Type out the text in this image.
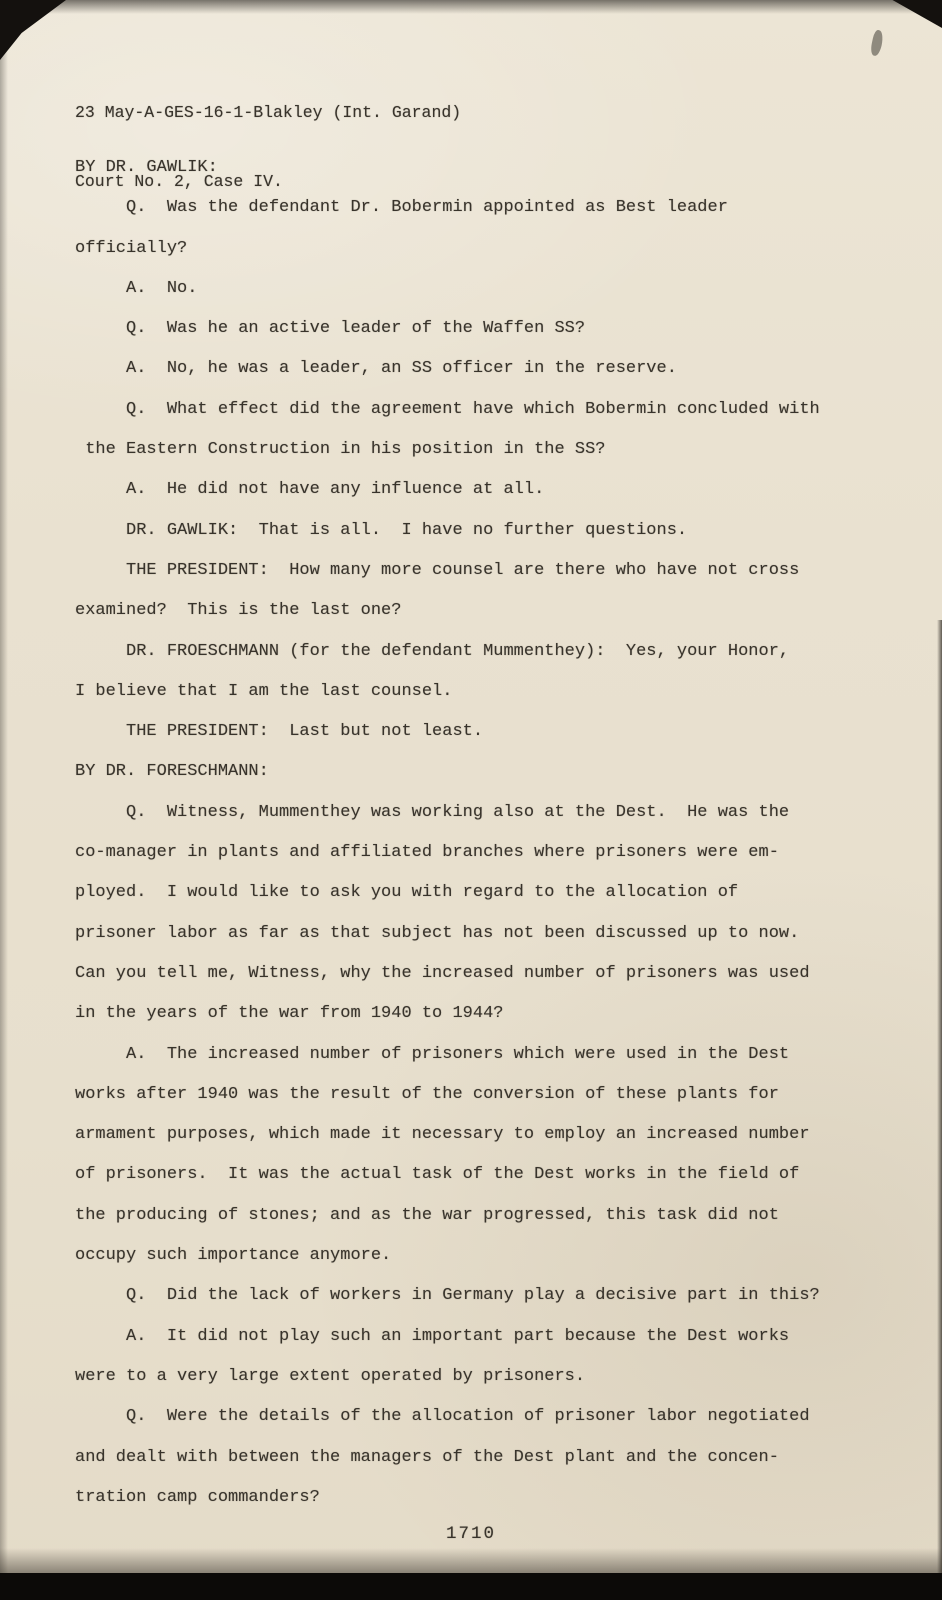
23 May-A-GES-16-1-Blakley (Int. Garand)

Court No. 2, Case IV.

BY DR. GAWLIK:
Q.  Was the defendant Dr. Bobermin appointed as Best leader
officially?
A.  No.
Q.  Was he an active leader of the Waffen SS?
A.  No, he was a leader, an SS officer in the reserve.
Q.  What effect did the agreement have which Bobermin concluded with
the Eastern Construction in his position in the SS?
A.  He did not have any influence at all.
DR. GAWLIK:  That is all.  I have no further questions.
THE PRESIDENT:  How many more counsel are there who have not cross
examined?  This is the last one?
DR. FROESCHMANN (for the defendant Mummenthey):  Yes, your Honor,
I believe that I am the last counsel.
THE PRESIDENT:  Last but not least.
BY DR. FORESCHMANN:
Q.  Witness, Mummenthey was working also at the Dest.  He was the
co-manager in plants and affiliated branches where prisoners were em-
ployed.  I would like to ask you with regard to the allocation of
prisoner labor as far as that subject has not been discussed up to now.
Can you tell me, Witness, why the increased number of prisoners was used
in the years of the war from 1940 to 1944?
A.  The increased number of prisoners which were used in the Dest
works after 1940 was the result of the conversion of these plants for
armament purposes, which made it necessary to employ an increased number
of prisoners.  It was the actual task of the Dest works in the field of
the producing of stones; and as the war progressed, this task did not
occupy such importance anymore.
Q.  Did the lack of workers in Germany play a decisive part in this?
A.  It did not play such an important part because the Dest works
were to a very large extent operated by prisoners.
Q.  Were the details of the allocation of prisoner labor negotiated
and dealt with between the managers of the Dest plant and the concen-
tration camp commanders?
1710
